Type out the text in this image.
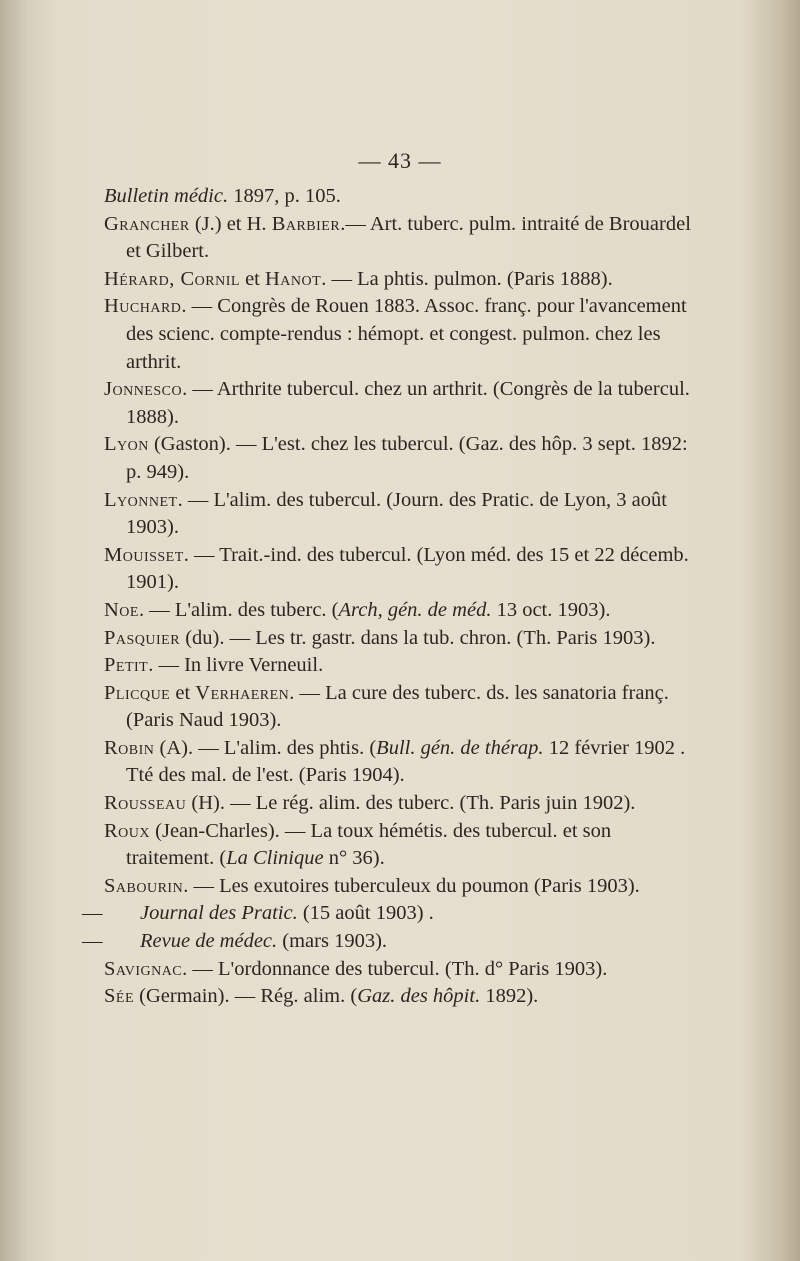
— 43 —

Bulletin médic. 1897, p. 105.

Grancher (J.) et H. Barbier.— Art. tuberc. pulm. intraité de Brouardel et Gilbert.

Hérard, Cornil et Hanot. — La phtis. pulmon. (Paris 1888).

Huchard. — Congrès de Rouen 1883. Assoc. franç. pour l'avancement des scienc. compte-rendus : hémopt. et congest. pulmon. chez les arthrit.

Jonnesco. — Arthrite tubercul. chez un arthrit. (Congrès de la tubercul. 1888).

Lyon (Gaston). — L'est. chez les tubercul. (Gaz. des hôp. 3 sept. 1892: p. 949).

Lyonnet. — L'alim. des tubercul. (Journ. des Pratic. de Lyon, 3 août 1903).

Mouisset. — Trait.-ind. des tubercul. (Lyon méd. des 15 et 22 décemb. 1901).

Noe. — L'alim. des tuberc. (Arch, gén. de méd. 13 oct. 1903).

Pasquier (du). — Les tr. gastr. dans la tub. chron. (Th. Paris 1903).

Petit. — In livre Verneuil.

Plicque et Verhaeren. — La cure des tuberc. ds. les sanatoria franç. (Paris Naud 1903).

Robin (A). — L'alim. des phtis. (Bull. gén. de thérap. 12 février 1902 . Tté des mal. de l'est. (Paris 1904).

Rousseau (H). — Le rég. alim. des tuberc. (Th. Paris juin 1902).

Roux (Jean-Charles). — La toux hémétis. des tubercul. et son traitement. (La Clinique n° 36).

Sabourin. — Les exutoires tuberculeux du poumon (Paris 1903).

— Journal des Pratic. (15 août 1903) .

— Revue de médec. (mars 1903).

Savignac. — L'ordonnance des tubercul. (Th. d° Paris 1903).

Sée (Germain). — Rég. alim. (Gaz. des hôpit. 1892).
